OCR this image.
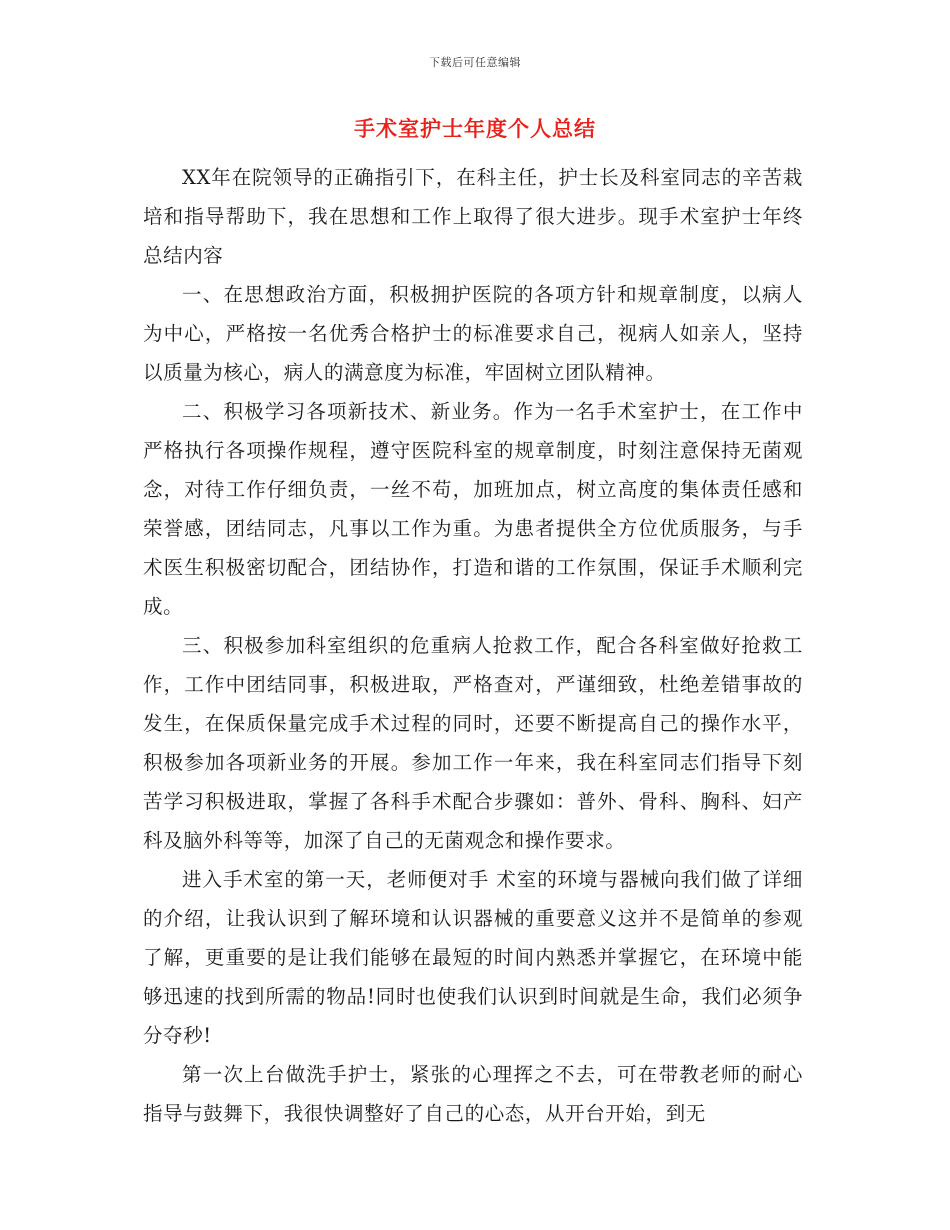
下载后可任意编辑
手术室护士年度个人总结

XX年在院领导的正确指引下，在科主任，护士长及科室同志的辛苦栽培和指导帮助下，我在思想和工作上取得了很大进步。现手术室护士年终总结内容

一、在思想政治方面，积极拥护医院的各项方针和规章制度，以病人为中心，严格按一名优秀合格护士的标准要求自己，视病人如亲人，坚持以质量为核心，病人的满意度为标准，牢固树立团队精神。

二、积极学习各项新技术、新业务。作为一名手术室护士，在工作中严格执行各项操作规程，遵守医院科室的规章制度，时刻注意保持无菌观念，对待工作仔细负责，一丝不苟，加班加点，树立高度的集体责任感和荣誉感，团结同志，凡事以工作为重。为患者提供全方位优质服务，与手术医生积极密切配合，团结协作，打造和谐的工作氛围，保证手术顺利完成。

三、积极参加科室组织的危重病人抢救工作，配合各科室做好抢救工作，工作中团结同事，积极进取，严格查对，严谨细致，杜绝差错事故的发生，在保质保量完成手术过程的同时，还要不断提高自己的操作水平，积极参加各项新业务的开展。参加工作一年来，我在科室同志们指导下刻苦学习积极进取，掌握了各科手术配合步骤如：普外、骨科、胸科、妇产科及脑外科等等，加深了自己的无菌观念和操作要求。

进入手术室的第一天，老师便对手 术室的环境与器械向我们做了详细的介绍，让我认识到了解环境和认识器械的重要意义这并不是简单的参观了解，更重要的是让我们能够在最短的时间内熟悉并掌握它，在环境中能够迅速的找到所需的物品!同时也使我们认识到时间就是生命，我们必须争分夺秒!

第一次上台做洗手护士，紧张的心理挥之不去，可在带教老师的耐心指导与鼓舞下，我很快调整好了自己的心态，从开台开始，到无
